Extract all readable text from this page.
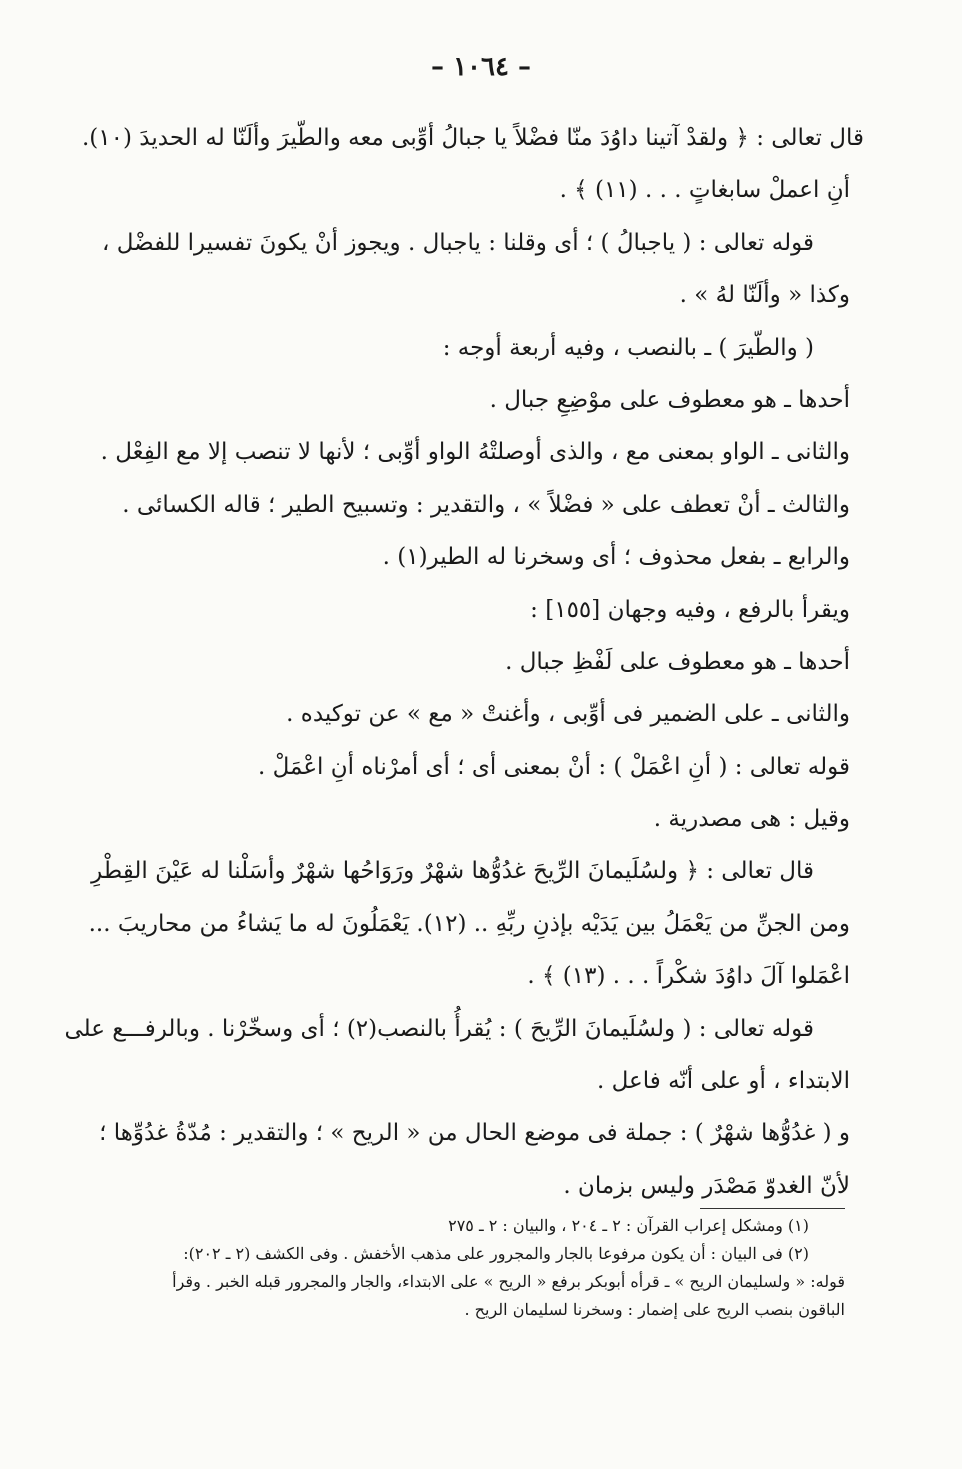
– ١٠٦٤ –
قال تعالى : ﴿ ولقدْ آتينا داوُدَ منّا فضْلاً يا جبالُ أوِّبى معه والطّيرَ وألَنّا له الحديدَ (١٠).
أنِ اعملْ سابغاتٍ . . . (١١) ﴾ .
قوله تعالى : ( ياجبالُ ) ؛ أى وقلنا : ياجبال . ويجوز أنْ يكونَ تفسيرا للفضْل ،
وكذا « وألَنّا لهُ » .
( والطّيرَ ) ـ بالنصب ، وفيه أربعة أوجه :
أحدها ـ هو معطوف على موْضِعِ جبال .
والثانى ـ الواو بمعنى مع ، والذى أوصلتْهُ الواو أوِّبى ؛ لأنها لا تنصب إلا مع الفِعْل .
والثالث ـ أنْ تعطف على « فضْلاً » ، والتقدير : وتسبيح الطير ؛ قاله الكسائى .
والرابع ـ بفعل محذوف ؛ أى وسخرنا له الطير(١) .
ويقرأ بالرفع ، وفيه وجهان [١٥٥] :
أحدها ـ هو معطوف على لَفْظِ جبال .
والثانى ـ على الضمير فى أوِّبى ، وأغنتْ « مع » عن توكيده .
قوله تعالى : ( أنِ اعْمَلْ ) : أنْ بمعنى أى ؛ أى أمرْناه أنِ اعْمَلْ .
وقيل : هى مصدرية .
قال تعالى : ﴿ ولسُلَيمانَ الرِّيحَ غدُوُّها شهْرٌ ورَوَاحُها شهْرٌ وأسَلْنا له عَيْنَ القِطْرِ
ومن الجنِّ من يَعْمَلُ بين يَدَيْه بإذنِ ربِّهِ .. (١٢). يَعْمَلُونَ له ما يَشاءُ من محاريبَ ...
اعْمَلوا آلَ داوُدَ شكْراً . . . (١٣) ﴾ .
قوله تعالى : ( ولسُلَيمانَ الرِّيحَ ) : يُقرأُ بالنصب(٢) ؛ أى وسخّرْنا . وبالرفـــع على
الابتداء ، أو على أنّه فاعل .
و ( غدُوُّها شهْرٌ ) : جملة فى موضع الحال من « الريح » ؛ والتقدير : مُدّةُ غدُوِّها ؛
لأنّ الغدوّ مَصْدَر وليس بزمان .
(١) ومشكل إعراب القرآن : ٢ ـ ٢٠٤ ، والبيان : ٢ ـ ٢٧٥
(٢) فى البيان : أن يكون مرفوعا بالجار والمجرور على مذهب الأخفش . وفى الكشف (٢ ـ ٢٠٢):
قوله: « ولسليمان الريح » ـ قرأه أبوبكر برفع « الريح » على الابتداء، والجار والمجرور قبله الخبر . وقرأ
الباقون بنصب الريح على إضمار : وسخرنا لسليمان الريح .
